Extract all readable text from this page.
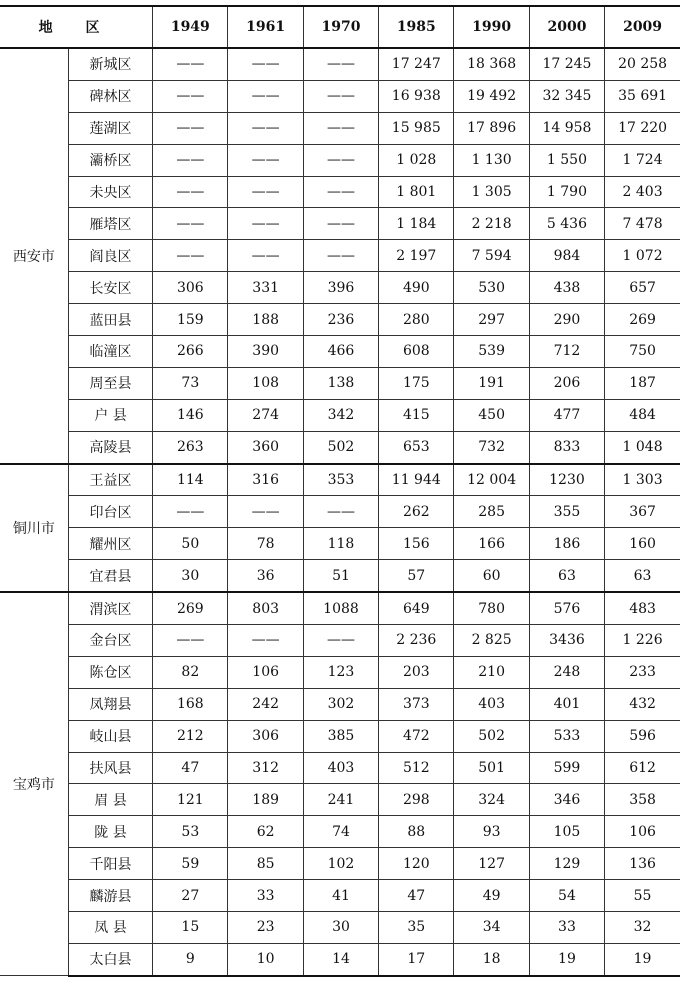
地 区		1949	1961	1970	1985	1990	2000	2009
西安市	新城区	——	——	——	17 247	18 368	17 245	20 258
	碑林区	——	——	——	16 938	19 492	32 345	35 691
	莲湖区	——	——	——	15 985	17 896	14 958	17 220
	灞桥区	——	——	——	1 028	1 130	1 550	1 724
	未央区	——	——	——	1 801	1 305	1 790	2 403
	雁塔区	——	——	——	1 184	2 218	5 436	7 478
	阎良区	——	——	——	2 197	7 594	984	1 072
	长安区	306	331	396	490	530	438	657
	蓝田县	159	188	236	280	297	290	269
	临潼区	266	390	466	608	539	712	750
	周至县	73	108	138	175	191	206	187
	户 县	146	274	342	415	450	477	484
	高陵县	263	360	502	653	732	833	1 048
铜川市	王益区	114	316	353	11 944	12 004	1230	1 303
	印台区	——	——	——	262	285	355	367
	耀州区	50	78	118	156	166	186	160
	宜君县	30	36	51	57	60	63	63
宝鸡市	渭滨区	269	803	1088	649	780	576	483
	金台区	——	——	——	2 236	2 825	3436	1 226
	陈仓区	82	106	123	203	210	248	233
	凤翔县	168	242	302	373	403	401	432
	岐山县	212	306	385	472	502	533	596
	扶风县	47	312	403	512	501	599	612
	眉 县	121	189	241	298	324	346	358
	陇 县	53	62	74	88	93	105	106
	千阳县	59	85	102	120	127	129	136
	麟游县	27	33	41	47	49	54	55
	凤 县	15	23	30	35	34	33	32
	太白县	9	10	14	17	18	19	19
